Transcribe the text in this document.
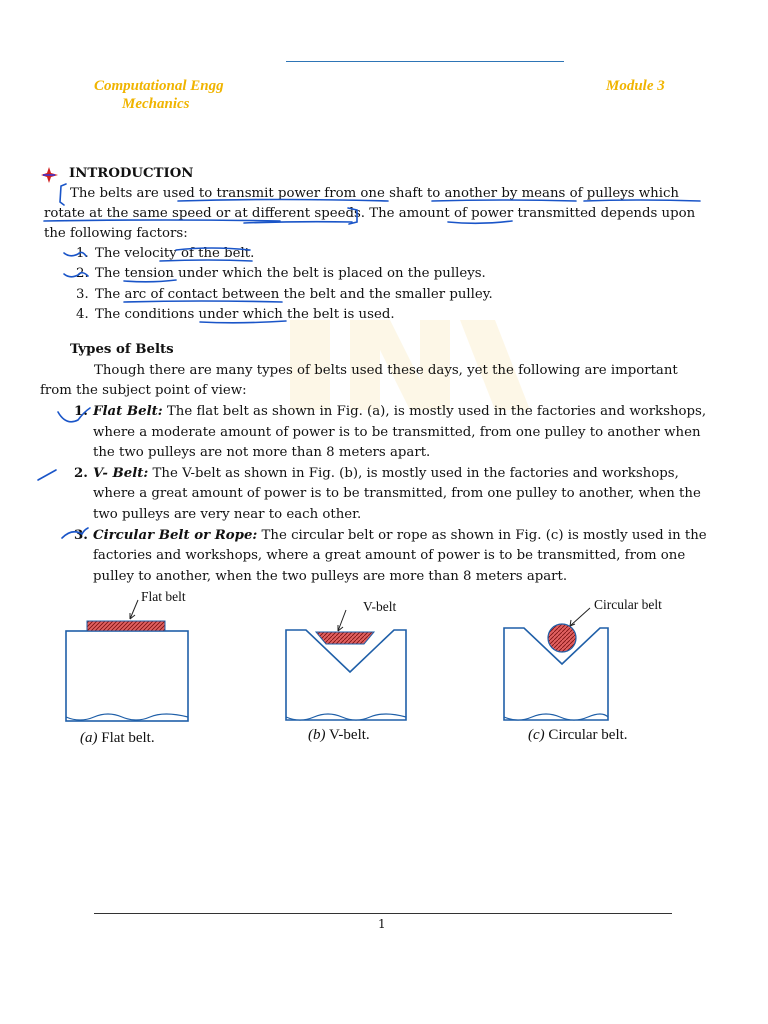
Computational Engg
Mechanics
Module 3
INTRODUCTION
The belts are used to transmit power from one shaft to another by means of pulleys which
rotate at the same speed or at different speeds. The amount of power transmitted depends upon
the following factors:
1. The velocity of the belt.
2. The tension under which the belt is placed on the pulleys.
3. The arc of contact between the belt and the smaller pulley.
4. The conditions under which the belt is used.
Types of Belts
Though there are many types of belts used these days, yet the following are important
from the subject point of view:
1. Flat Belt: The flat belt as shown in Fig. (a), is mostly used in the factories and workshops,
where a moderate amount of power is to be transmitted, from one pulley to another when
the two pulleys are not more than 8 meters apart.
2. V- Belt: The V-belt as shown in Fig. (b), is mostly used in the factories and workshops,
where a great amount of power is to be transmitted, from one pulley to another, when the
two pulleys are very near to each other.
3. Circular Belt or Rope: The circular belt or rope as shown in Fig. (c) is mostly used in the
factories and workshops, where a great amount of power is to be transmitted, from one
pulley to another, when the two pulleys are more than 8 meters apart.
Flat belt
V-belt	Circular belt
(a) Flat belt.	(b) V-belt.	(c) Circular belt.
1
